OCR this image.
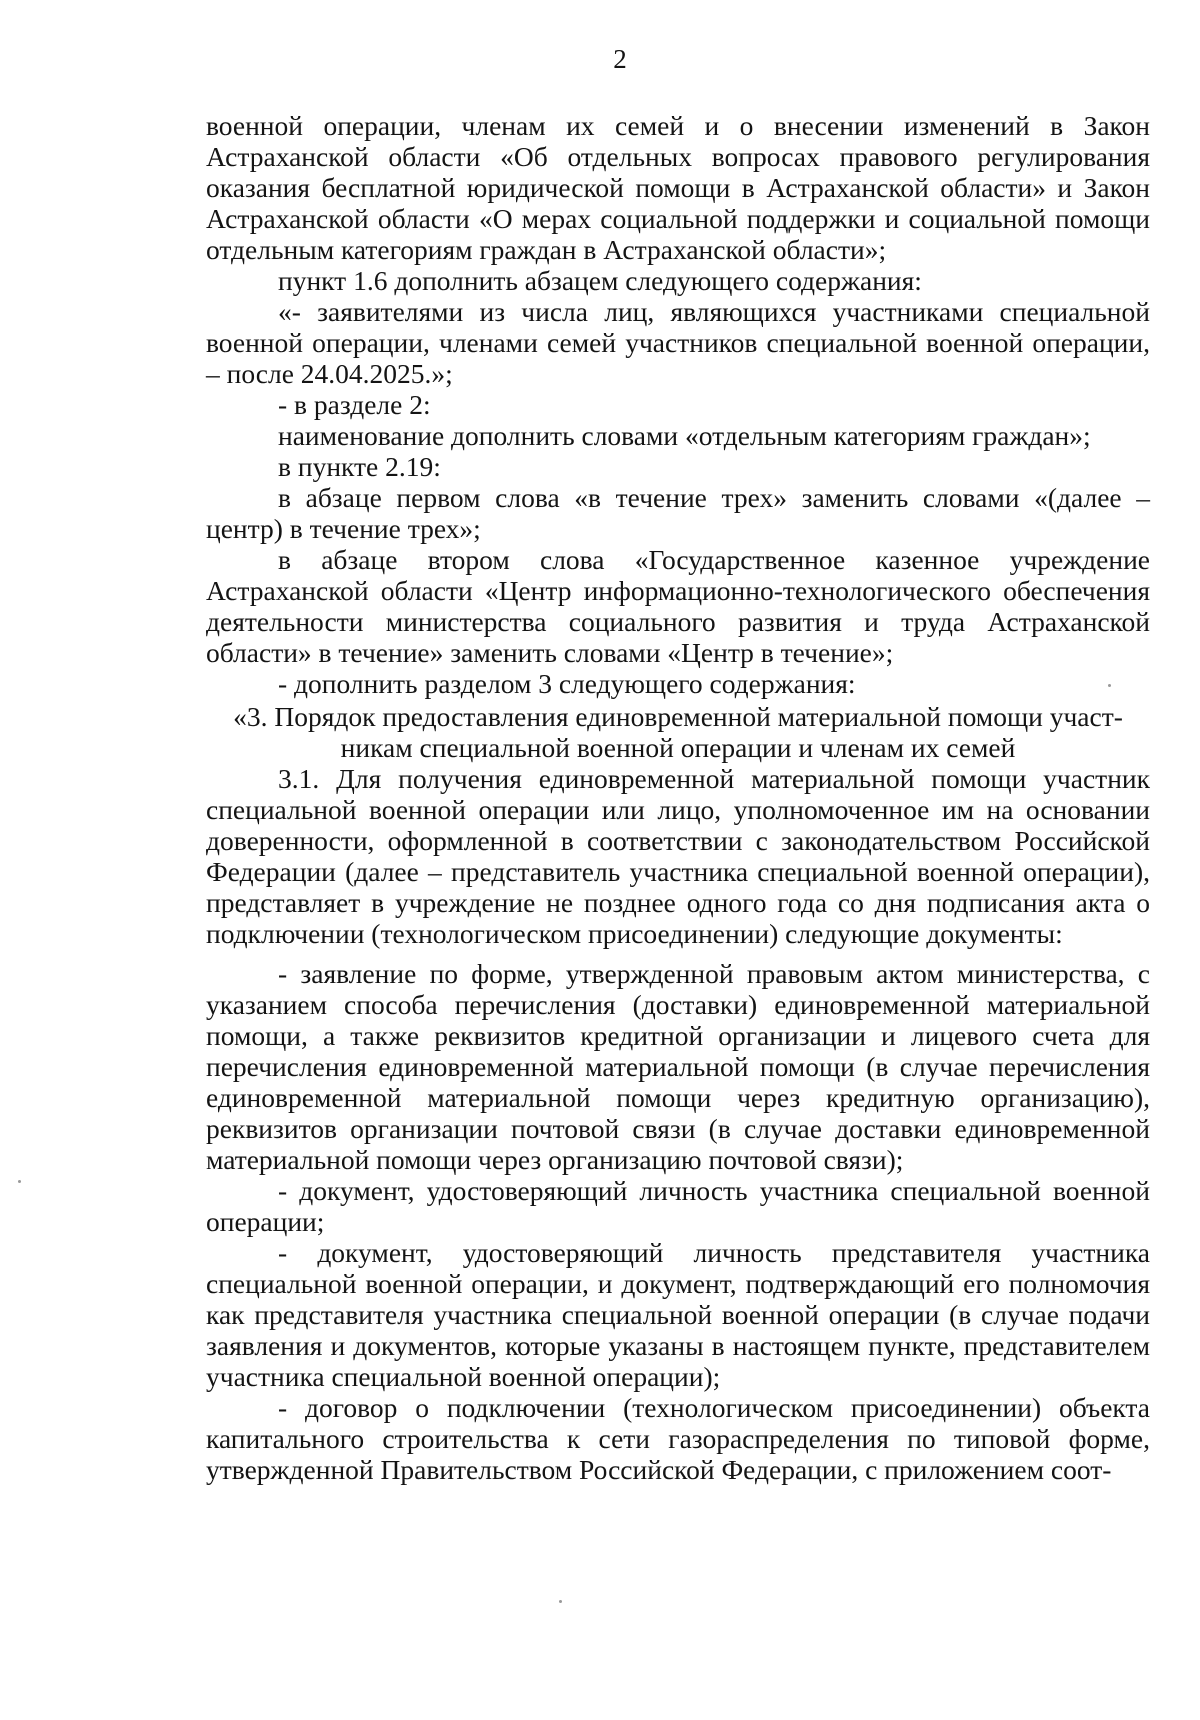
2

военной операции, членам их семей и о внесении изменений в Закон Астраханской области «Об отдельных вопросах правового регулирования оказания бесплатной юридической помощи в Астраханской области» и Закон Астраханской области «О мерах социальной поддержки и социальной помощи отдельным категориям граждан в Астраханской области»;

пункт 1.6 дополнить абзацем следующего содержания:

«- заявителями из числа лиц, являющихся участниками специальной военной операции, членами семей участников специальной военной операции, – после 24.04.2025.»;

- в разделе 2:

наименование дополнить словами «отдельным категориям граждан»;

в пункте 2.19:

в абзаце первом слова «в течение трех» заменить словами «(далее – центр) в течение трех»;

в абзаце втором слова «Государственное казенное учреждение Астраханской области «Центр информационно-технологического обеспечения деятельности министерства социального развития и труда Астраханской области» в течение» заменить словами «Центр в течение»;

- дополнить разделом 3 следующего содержания:

«3. Порядок предоставления единовременной материальной помощи участ-

никам специальной военной операции и членам их семей

3.1. Для получения единовременной материальной помощи участник специальной военной операции или лицо, уполномоченное им на основании доверенности, оформленной в соответствии с законодательством Российской Федерации (далее – представитель участника специальной военной операции), представляет в учреждение не позднее одного года со дня подписания акта о подключении (технологическом присоединении) следующие документы:

- заявление по форме, утвержденной правовым актом министерства, с указанием способа перечисления (доставки) единовременной материальной помощи, а также реквизитов кредитной организации и лицевого счета для перечисления единовременной материальной помощи (в случае перечисления единовременной материальной помощи через кредитную организацию), реквизитов организации почтовой связи (в случае доставки единовременной материальной помощи через организацию почтовой связи);

- документ, удостоверяющий личность участника специальной военной операции;

- документ, удостоверяющий личность представителя участника специальной военной операции, и документ, подтверждающий его полномочия как представителя участника специальной военной операции (в случае подачи заявления и документов, которые указаны в настоящем пункте, представителем участника специальной военной операции);

- договор о подключении (технологическом присоединении) объекта капитального строительства к сети газораспределения по типовой форме, утвержденной Правительством Российской Федерации, с приложением соот-
